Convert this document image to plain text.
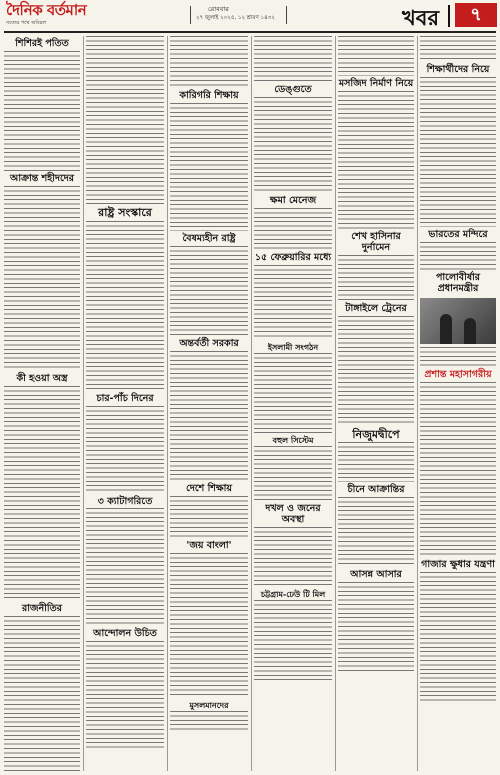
দৈনিক বর্তমান
সত্যের পথে অবিচল
রোববার
২৭ জুলাই ২০২৫, ১২ শ্রাবণ ১৪৩২	খবর	৭
শিশিরই পতিত
আক্রান্ত শহীদদের
কী হওয়া অস্ত্র
রাজনীতির
রাষ্ট্র সংস্কারে
চার-পাঁচ দিনের
৩ ক্যাটাগরিতে
আন্দোলন উচিত
কারিগরি শিক্ষায়
বৈষম্যহীন রাষ্ট্র
অন্তর্বর্তী সরকার
দেশে শিক্ষায়
'জয় বাংলা'
মুসলমানদের
ডেঙ্গুতে
ক্ষমা মেনেজ
১৫ ফেব্রুয়ারির মধ্যে
ইসলামী সংগঠন
বহুল সিস্টেম
দখল ও জনের অবস্থা
চট্টগ্রাম-ঢেউ টি মিল
মসজিদ নির্মাণ নিয়ে
শেখ হাসিনার দুর্নামেন
টাঙ্গাইলে ট্রেনের
নিজুমদ্বীপে
চীনে আক্রান্তির
আসন্ন আসার
শিক্ষার্থীদের নিয়ে
ভারতের মন্দিরে
পালোবীর্ষার প্রধানমন্ত্রীর
প্রশান্ত মহাসাগরীয়
গাজার ক্ষুধার যন্ত্রণা
